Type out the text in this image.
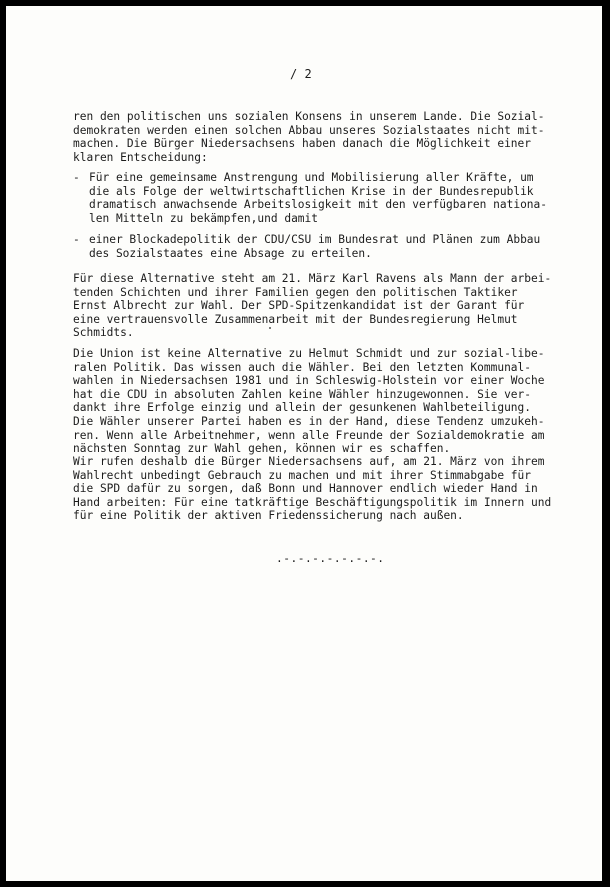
/ 2

ren den politischen uns sozialen Konsens in unserem Lande. Die Sozial-
demokraten werden einen solchen Abbau unseres Sozialstaates nicht mit-
machen. Die Bürger Niedersachsens haben danach die Möglichkeit einer
klaren Entscheidung:

- Für eine gemeinsame Anstrengung und Mobilisierung aller Kräfte, um
die als Folge der weltwirtschaftlichen Krise in der Bundesrepublik
dramatisch anwachsende Arbeitslosigkeit mit den verfügbaren nationa-
len Mitteln zu bekämpfen,und damit
- einer Blockadepolitik der CDU/CSU im Bundesrat und Plänen zum Abbau
des Sozialstaates eine Absage zu erteilen.

Für diese Alternative steht am 21. März Karl Ravens als Mann der arbei-
tenden Schichten und ihrer Familien gegen den politischen Taktiker
Ernst Albrecht zur Wahl. Der SPD-Spitzenkandidat ist der Garant für
eine vertrauensvolle Zusammenarbeit mit der Bundesregierung Helmut
Schmidts.

Die Union ist keine Alternative zu Helmut Schmidt und zur sozial-libe-
ralen Politik. Das wissen auch die Wähler. Bei den letzten Kommunal-
wahlen in Niedersachsen 1981 und in Schleswig-Holstein vor einer Woche
hat die CDU in absoluten Zahlen keine Wähler hinzugewonnen. Sie ver-
dankt ihre Erfolge einzig und allein der gesunkenen Wahlbeteiligung.
Die Wähler unserer Partei haben es in der Hand, diese Tendenz umzukeh-
ren. Wenn alle Arbeitnehmer, wenn alle Freunde der Sozialdemokratie am
nächsten Sonntag zur Wahl gehen, können wir es schaffen.

Wir rufen deshalb die Bürger Niedersachsens auf, am 21. März von ihrem
Wahlrecht unbedingt Gebrauch zu machen und mit ihrer Stimmabgabe für
die SPD dafür zu sorgen, daß Bonn und Hannover endlich wieder Hand in
Hand arbeiten: Für eine tatkräftige Beschäftigungspolitik im Innern und
für eine Politik der aktiven Friedenssicherung nach außen.

.-.-.-.-.-.-.-.
